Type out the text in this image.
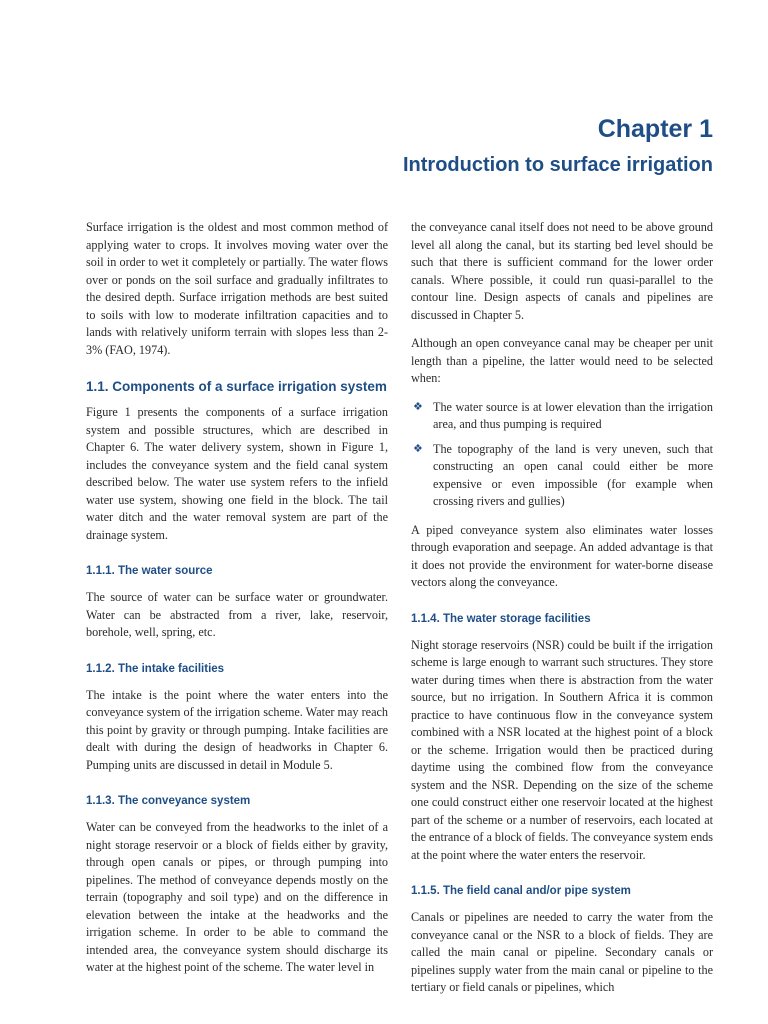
Chapter 1
Introduction to surface irrigation

Surface irrigation is the oldest and most common method of applying water to crops. It involves moving water over the soil in order to wet it completely or partially. The water flows over or ponds on the soil surface and gradually infiltrates to the desired depth. Surface irrigation methods are best suited to soils with low to moderate infiltration capacities and to lands with relatively uniform terrain with slopes less than 2-3% (FAO, 1974).

1.1. Components of a surface irrigation system

Figure 1 presents the components of a surface irrigation system and possible structures, which are described in Chapter 6. The water delivery system, shown in Figure 1, includes the conveyance system and the field canal system described below. The water use system refers to the infield water use system, showing one field in the block. The tail water ditch and the water removal system are part of the drainage system.

1.1.1. The water source

The source of water can be surface water or groundwater. Water can be abstracted from a river, lake, reservoir, borehole, well, spring, etc.

1.1.2. The intake facilities

The intake is the point where the water enters into the conveyance system of the irrigation scheme. Water may reach this point by gravity or through pumping. Intake facilities are dealt with during the design of headworks in Chapter 6. Pumping units are discussed in detail in Module 5.

1.1.3. The conveyance system

Water can be conveyed from the headworks to the inlet of a night storage reservoir or a block of fields either by gravity, through open canals or pipes, or through pumping into pipelines. The method of conveyance depends mostly on the terrain (topography and soil type) and on the difference in elevation between the intake at the headworks and the irrigation scheme. In order to be able to command the intended area, the conveyance system should discharge its water at the highest point of the scheme. The water level in

the conveyance canal itself does not need to be above ground level all along the canal, but its starting bed level should be such that there is sufficient command for the lower order canals. Where possible, it could run quasi-parallel to the contour line. Design aspects of canals and pipelines are discussed in Chapter 5.

Although an open conveyance canal may be cheaper per unit length than a pipeline, the latter would need to be selected when:

❖ The water source is at lower elevation than the irrigation area, and thus pumping is required
❖ The topography of the land is very uneven, such that constructing an open canal could either be more expensive or even impossible (for example when crossing rivers and gullies)

A piped conveyance system also eliminates water losses through evaporation and seepage. An added advantage is that it does not provide the environment for water-borne disease vectors along the conveyance.

1.1.4. The water storage facilities

Night storage reservoirs (NSR) could be built if the irrigation scheme is large enough to warrant such structures. They store water during times when there is abstraction from the water source, but no irrigation. In Southern Africa it is common practice to have continuous flow in the conveyance system combined with a NSR located at the highest point of a block or the scheme. Irrigation would then be practiced during daytime using the combined flow from the conveyance system and the NSR. Depending on the size of the scheme one could construct either one reservoir located at the highest part of the scheme or a number of reservoirs, each located at the entrance of a block of fields. The conveyance system ends at the point where the water enters the reservoir.

1.1.5. The field canal and/or pipe system

Canals or pipelines are needed to carry the water from the conveyance canal or the NSR to a block of fields. They are called the main canal or pipeline. Secondary canals or pipelines supply water from the main canal or pipeline to the tertiary or field canals or pipelines, which
